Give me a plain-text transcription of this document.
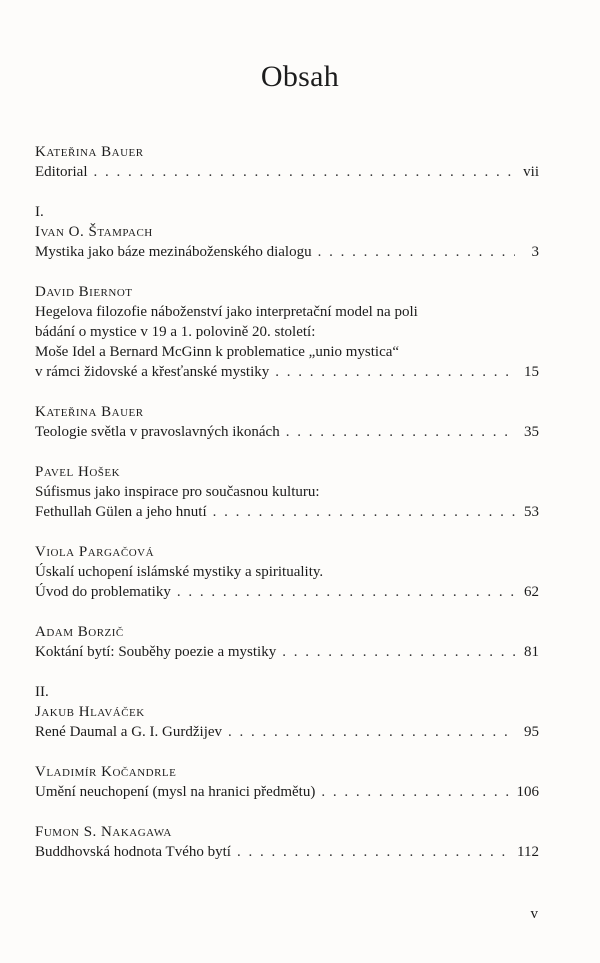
Obsah
Kateřina Bauer
Editorial . . .	vii
I.
Ivan O. Štampach
Mystika jako báze mezináboženského dialogu . . .	3
David Biernot
Hegelova filozofie náboženství jako interpretační model na poli
bádání o mystice v 19 a 1. polovině 20. století:
Moše Idel a Bernard McGinn k problematice „unio mystica“
v rámci židovské a křesťanské mystiky . . .	15
Kateřina Bauer
Teologie světla v pravoslavných ikonách . . .	35
Pavel Hošek
Súfismus jako inspirace pro současnou kulturu:
Fethullah Gülen a jeho hnutí . . .	53
Viola Pargačová
Úskalí uchopení islámské mystiky a spirituality.
Úvod do problematiky . . .	62
Adam Borzič
Koktání bytí: Souběhy poezie a mystiky . . .	81
II.
Jakub Hlaváček
René Daumal a G. I. Gurdžijev . . .	95
Vladimír Kočandrle
Umění neuchopení (mysl na hranici předmětu) . . .	106
Fumon S. Nakagawa
Buddhovská hodnota Tvého bytí . . .	112
v
